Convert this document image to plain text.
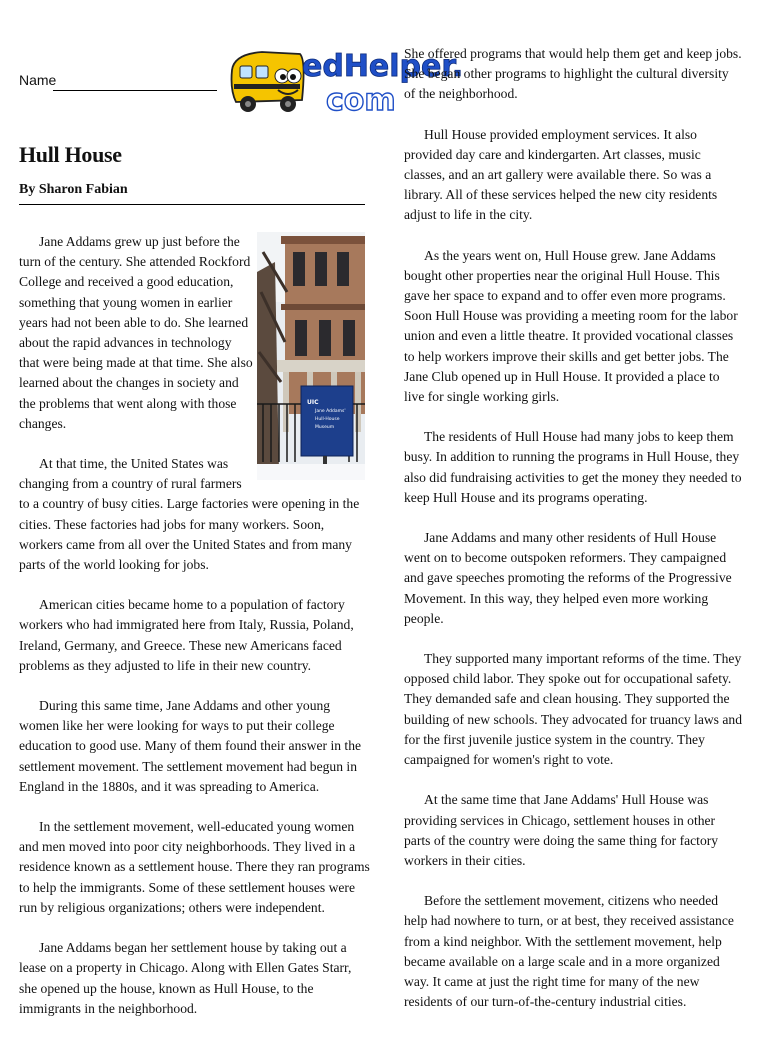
Name	edHelper.
com
Hull House
By Sharon Fabian
UIC
Jane Addams'
Hull-House
Museum

Jane Addams grew up just before the turn of the century. She attended Rockford College and received a good education, something that young women in earlier years had not been able to do. She learned about the rapid advances in technology that were being made at that time. She also learned about the changes in society and the problems that went along with those changes.

At that time, the United States was changing from a country of rural farmers to a country of busy cities. Large factories were opening in the cities. These factories had jobs for many workers. Soon, workers came from all over the United States and from many parts of the world looking for jobs.

American cities became home to a population of factory workers who had immigrated here from Italy, Russia, Poland, Ireland, Germany, and Greece. These new Americans faced problems as they adjusted to life in their new country.

During this same time, Jane Addams and other young women like her were looking for ways to put their college education to good use. Many of them found their answer in the settlement movement. The settlement movement had begun in England in the 1880s, and it was spreading to America.

In the settlement movement, well-educated young women and men moved into poor city neighborhoods. They lived in a residence known as a settlement house. There they ran programs to help the immigrants. Some of these settlement houses were run by religious organizations; others were independent.

Jane Addams began her settlement house by taking out a lease on a property in Chicago. Along with Ellen Gates Starr, she opened up the house, known as Hull House, to the immigrants in the neighborhood.

She offered programs that would help them get and keep jobs. She began other programs to highlight the cultural diversity of the neighborhood.

Hull House provided employment services. It also provided day care and kindergarten. Art classes, music classes, and an art gallery were available there. So was a library. All of these services helped the new city residents adjust to life in the city.

As the years went on, Hull House grew. Jane Addams bought other properties near the original Hull House. This gave her space to expand and to offer even more programs. Soon Hull House was providing a meeting room for the labor union and even a little theatre. It provided vocational classes to help workers improve their skills and get better jobs. The Jane Club opened up in Hull House. It provided a place to live for single working girls.

The residents of Hull House had many jobs to keep them busy. In addition to running the programs in Hull House, they also did fundraising activities to get the money they needed to keep Hull House and its programs operating.

Jane Addams and many other residents of Hull House went on to become outspoken reformers. They campaigned and gave speeches promoting the reforms of the Progressive Movement. In this way, they helped even more working people.

They supported many important reforms of the time. They opposed child labor. They spoke out for occupational safety. They demanded safe and clean housing. They supported the building of new schools. They advocated for truancy laws and for the first juvenile justice system in the country. They campaigned for women's right to vote.

At the same time that Jane Addams' Hull House was providing services in Chicago, settlement houses in other parts of the country were doing the same thing for factory workers in their cities.

Before the settlement movement, citizens who needed help had nowhere to turn, or at best, they received assistance from a kind neighbor. With the settlement movement, help became available on a large scale and in a more organized way. It came at just the right time for many of the new residents of our turn-of-the-century industrial cities.
